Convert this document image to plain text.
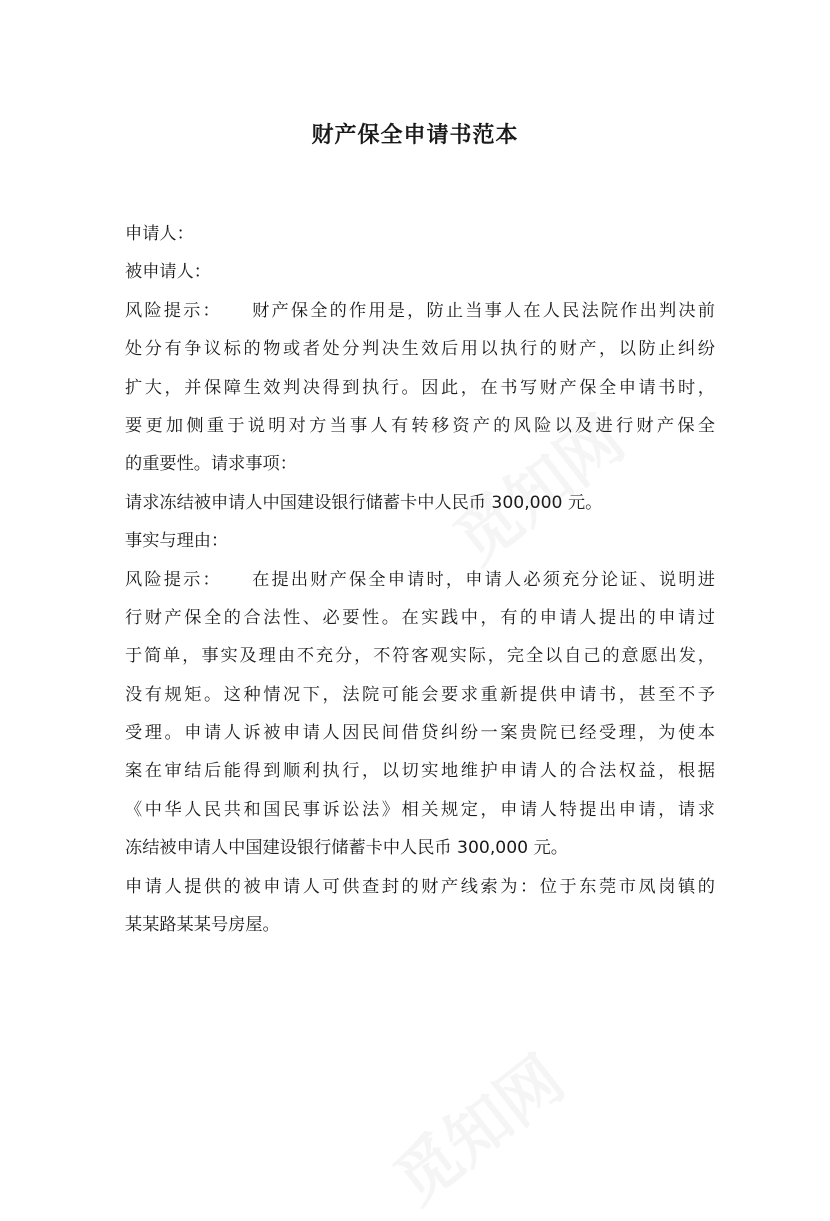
财产保全申请书范本
申请人：
被申请人：
风险提示： 财产保全的作用是，防止当事人在人民法院作出判决前
处分有争议标的物或者处分判决生效后用以执行的财产，以防止纠纷
扩大，并保障生效判决得到执行。因此，在书写财产保全申请书时，
要更加侧重于说明对方当事人有转移资产的风险以及进行财产保全
的重要性。请求事项：
请求冻结被申请人中国建设银行储蓄卡中人民币 300,000 元。
事实与理由：
风险提示： 在提出财产保全申请时，申请人必须充分论证、说明进
行财产保全的合法性、必要性。在实践中，有的申请人提出的申请过
于简单，事实及理由不充分，不符客观实际，完全以自己的意愿出发，
没有规矩。这种情况下，法院可能会要求重新提供申请书，甚至不予
受理。申请人诉被申请人因民间借贷纠纷一案贵院已经受理，为使本
案在审结后能得到顺利执行，以切实地维护申请人的合法权益，根据
《中华人民共和国民事诉讼法》相关规定，申请人特提出申请，请求
冻结被申请人中国建设银行储蓄卡中人民币 300,000 元。
申请人提供的被申请人可供查封的财产线索为：位于东莞市凤岗镇的
某某路某某号房屋。
